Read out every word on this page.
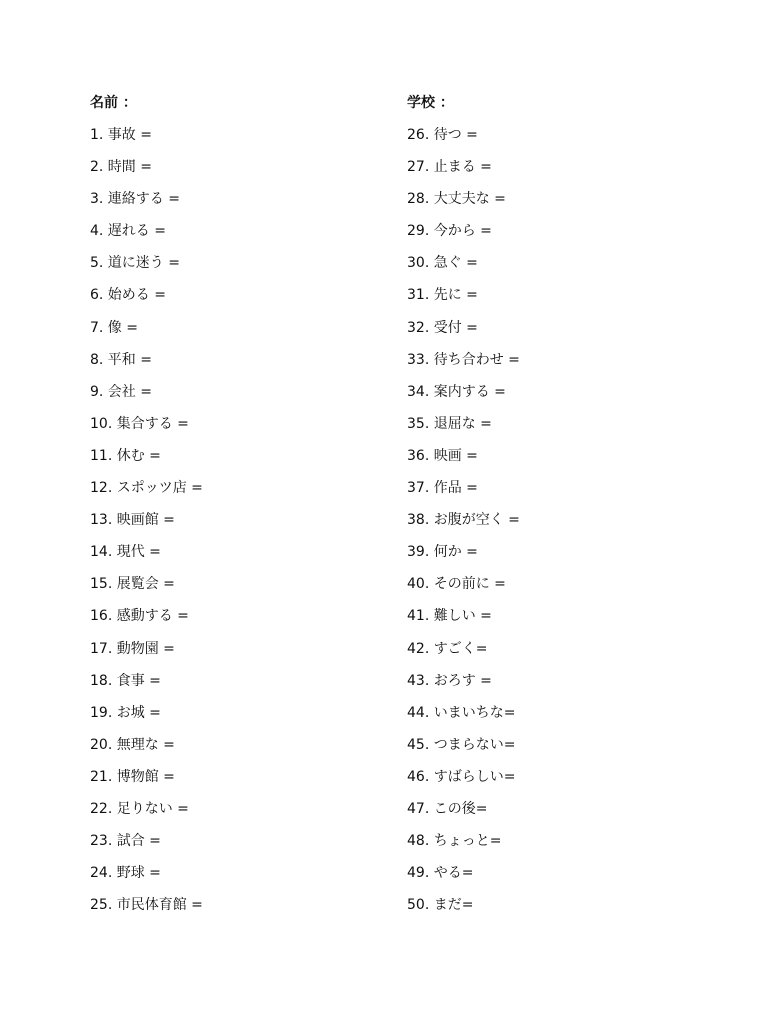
名前 ：
1. 事故 =
2. 時間 =
3. 連絡する =
4. 遅れる =
5. 道に迷う =
6. 始める =
7. 像 =
8. 平和 =
9. 会社 =
10. 集合する =
11. 休む =
12. スポッツ店 =
13. 映画館 =
14. 現代 =
15. 展覧会 =
16. 感動する =
17. 動物園 =
18. 食事 =
19. お城 =
20. 無理な =
21. 博物館 =
22. 足りない =
23. 試合 =
24. 野球 =
25. 市民体育館 =
学校 ：
26. 待つ =
27. 止まる =
28. 大丈夫な =
29. 今から =
30. 急ぐ =
31. 先に =
32. 受付 =
33. 待ち合わせ =
34. 案内する =
35. 退屈な =
36. 映画 =
37. 作品 =
38. お腹が空く =
39. 何か =
40. その前に =
41. 難しい =
42. すごく=
43. おろす =
44. いまいちな=
45. つまらない=
46. すばらしい=
47. この後=
48. ちょっと=
49. やる=
50. まだ=
